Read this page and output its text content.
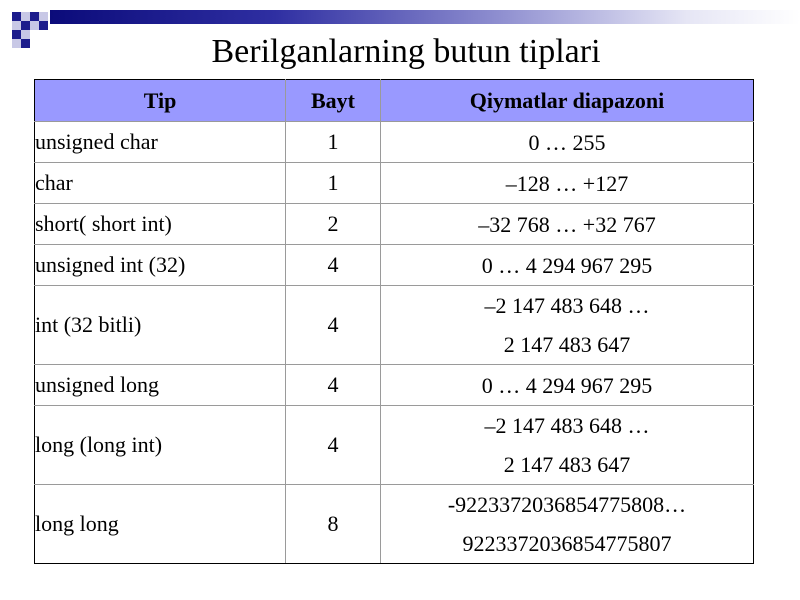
Berilganlarning butun tiplari
Tip	Bayt	Qiymatlar diapazoni
unsigned char	1	0 … 255

char	1	–128 … +127

short( short int)	2	–32 768 … +32 767

unsigned int (32)	4	0 … 4 294 967 295

int (32 bitli)	4	–2 147 483 648 …
2 147 483 647

unsigned long	4	0 … 4 294 967 295

long (long int)	4	–2 147 483 648 …
2 147 483 647

long long	8	-9223372036854775808…
9223372036854775807
